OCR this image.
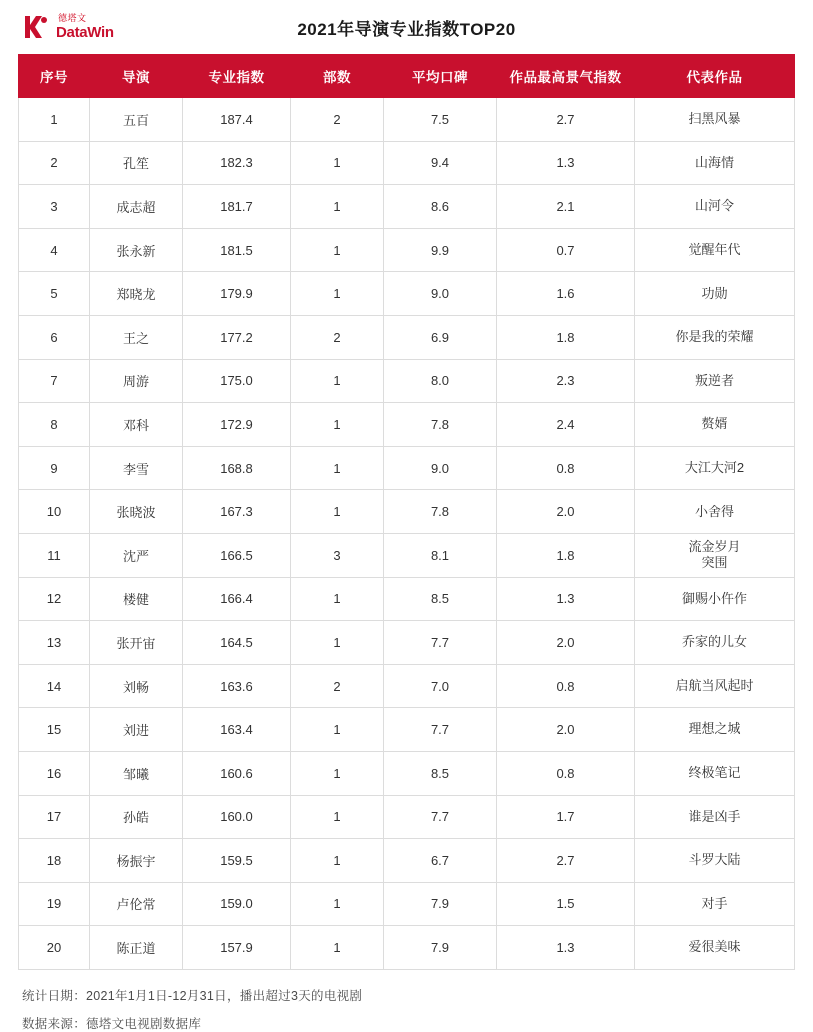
德塔文
DataWin	2021年导演专业指数TOP20
序号	导演	专业指数	部数	平均口碑	作品最高景气指数	代表作品
1	五百	187.4	2	7.5	2.7	扫黑风暴

2	孔笙	182.3	1	9.4	1.3	山海情

3	成志超	181.7	1	8.6	2.1	山河令

4	张永新	181.5	1	9.9	0.7	觉醒年代

5	郑晓龙	179.9	1	9.0	1.6	功勋

6	王之	177.2	2	6.9	1.8	你是我的荣耀

7	周游	175.0	1	8.0	2.3	叛逆者

8	邓科	172.9	1	7.8	2.4	赘婿

9	李雪	168.8	1	9.0	0.8	大江大河2

10	张晓波	167.3	1	7.8	2.0	小舍得

11	沈严	166.5	3	8.1	1.8	流金岁月
突围

12	楼健	166.4	1	8.5	1.3	御赐小仵作

13	张开宙	164.5	1	7.7	2.0	乔家的儿女

14	刘畅	163.6	2	7.0	0.8	启航当风起时

15	刘进	163.4	1	7.7	2.0	理想之城

16	邹曦	160.6	1	8.5	0.8	终极笔记

17	孙皓	160.0	1	7.7	1.7	谁是凶手

18	杨振宇	159.5	1	6.7	2.7	斗罗大陆

19	卢伦常	159.0	1	7.9	1.5	对手

20	陈正道	157.9	1	7.9	1.3	爱很美味
统计日期：2021年1月1日-12月31日，播出超过3天的电视剧
数据来源：德塔文电视剧数据库
